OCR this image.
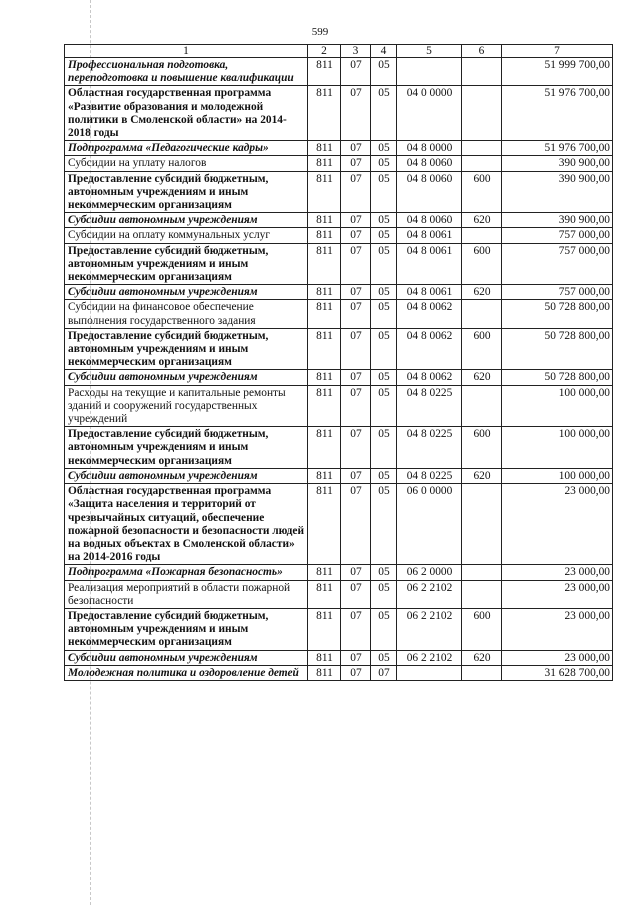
599
1	2	3	4	5	6	7
Профессиональная подготовка, переподготовка и повышение квалификации	811	07	05			51 999 700,00
Областная государственная программа «Развитие образования и молодежной политики в Смоленской области» на 2014-2018 годы	811	07	05	04 0 0000		51 976 700,00
Подпрограмма «Педагогические кадры»	811	07	05	04 8 0000		51 976 700,00
Субсидии на уплату налогов	811	07	05	04 8 0060		390 900,00
Предоставление субсидий бюджетным, автономным учреждениям и иным некоммерческим организациям	811	07	05	04 8 0060	600	390 900,00
Субсидии автономным учреждениям	811	07	05	04 8 0060	620	390 900,00
Субсидии на оплату коммунальных услуг	811	07	05	04 8 0061		757 000,00
Предоставление субсидий бюджетным, автономным учреждениям и иным некоммерческим организациям	811	07	05	04 8 0061	600	757 000,00
Субсидии автономным учреждениям	811	07	05	04 8 0061	620	757 000,00
Субсидии на финансовое обеспечение выполнения государственного задания	811	07	05	04 8 0062		50 728 800,00
Предоставление субсидий бюджетным, автономным учреждениям и иным некоммерческим организациям	811	07	05	04 8 0062	600	50 728 800,00
Субсидии автономным учреждениям	811	07	05	04 8 0062	620	50 728 800,00
Расходы на текущие и капитальные ремонты зданий и сооружений государственных учреждений	811	07	05	04 8 0225		100 000,00
Предоставление субсидий бюджетным, автономным учреждениям и иным некоммерческим организациям	811	07	05	04 8 0225	600	100 000,00
Субсидии автономным учреждениям	811	07	05	04 8 0225	620	100 000,00
Областная государственная программа «Защита населения и территорий от чрезвычайных ситуаций, обеспечение пожарной безопасности и безопасности людей на водных объектах в Смоленской области» на 2014-2016 годы	811	07	05	06 0 0000		23 000,00
Подпрограмма «Пожарная безопасность»	811	07	05	06 2 0000		23 000,00
Реализация мероприятий в области пожарной безопасности	811	07	05	06 2 2102		23 000,00
Предоставление субсидий бюджетным, автономным учреждениям и иным некоммерческим организациям	811	07	05	06 2 2102	600	23 000,00
Субсидии автономным учреждениям	811	07	05	06 2 2102	620	23 000,00
Молодежная политика и оздоровление детей	811	07	07			31 628 700,00
